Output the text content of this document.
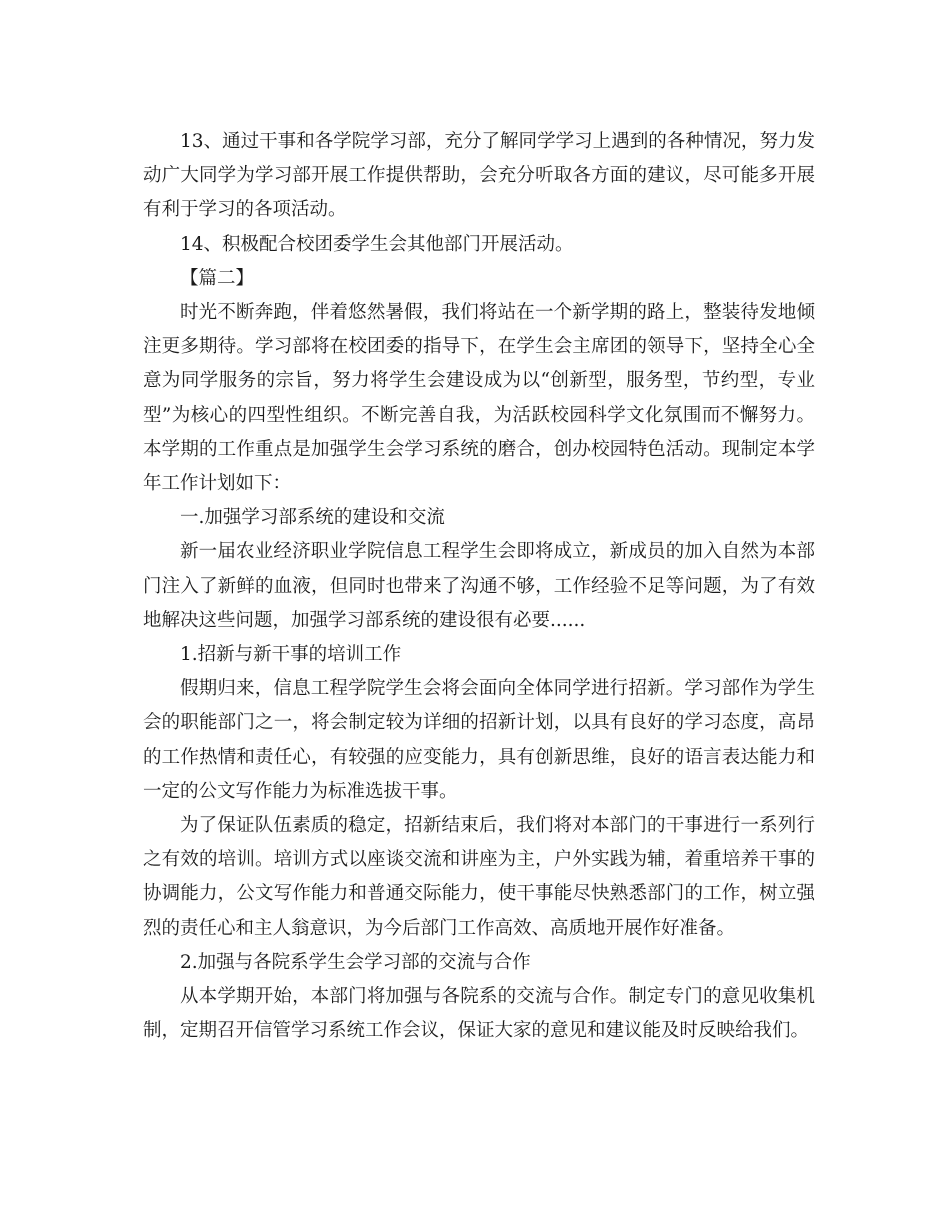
13、通过干事和各学院学习部，充分了解同学学习上遇到的各种情况，努力发动广大同学为学习部开展工作提供帮助，会充分听取各方面的建议，尽可能多开展有利于学习的各项活动。

14、积极配合校团委学生会其他部门开展活动。

【篇二】

时光不断奔跑，伴着悠然暑假，我们将站在一个新学期的路上，整装待发地倾注更多期待。学习部将在校团委的指导下，在学生会主席团的领导下，坚持全心全意为同学服务的宗旨，努力将学生会建设成为以“创新型，服务型，节约型，专业型”为核心的四型性组织。不断完善自我，为活跃校园科学文化氛围而不懈努力。本学期的工作重点是加强学生会学习系统的磨合，创办校园特色活动。现制定本学年工作计划如下：

一.加强学习部系统的建设和交流

新一届农业经济职业学院信息工程学生会即将成立，新成员的加入自然为本部门注入了新鲜的血液，但同时也带来了沟通不够，工作经验不足等问题，为了有效地解决这些问题，加强学习部系统的建设很有必要......

1.招新与新干事的培训工作

假期归来，信息工程学院学生会将会面向全体同学进行招新。学习部作为学生会的职能部门之一，将会制定较为详细的招新计划，以具有良好的学习态度，高昂的工作热情和责任心，有较强的应变能力，具有创新思维，良好的语言表达能力和一定的公文写作能力为标准选拔干事。

为了保证队伍素质的稳定，招新结束后，我们将对本部门的干事进行一系列行之有效的培训。培训方式以座谈交流和讲座为主，户外实践为辅，着重培养干事的协调能力，公文写作能力和普通交际能力，使干事能尽快熟悉部门的工作，树立强烈的责任心和主人翁意识，为今后部门工作高效、高质地开展作好准备。

2.加强与各院系学生会学习部的交流与合作

从本学期开始，本部门将加强与各院系的交流与合作。制定专门的意见收集机制，定期召开信管学习系统工作会议，保证大家的意见和建议能及时反映给我们。
